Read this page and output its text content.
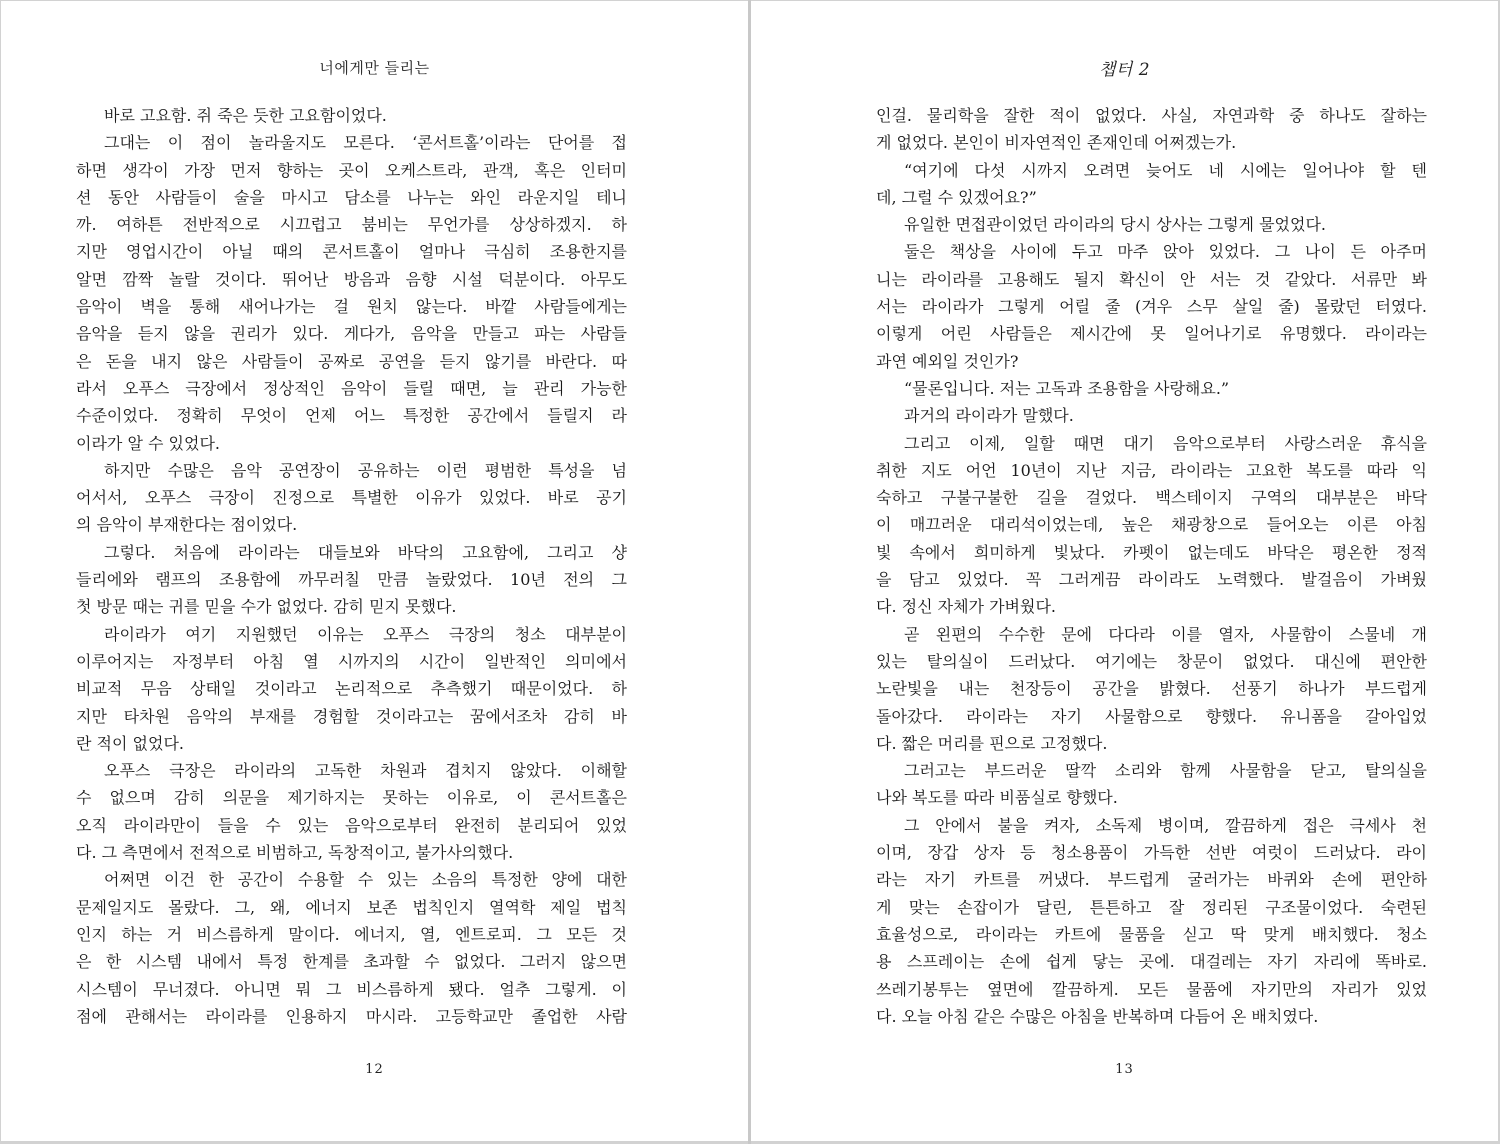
너에게만 들리는
바로 고요함. 쥐 죽은 듯한 고요함이었다.
그대는 이 점이 놀라울지도 모른다. ‘콘서트홀’이라는 단어를 접
하면 생각이 가장 먼저 향하는 곳이 오케스트라, 관객, 혹은 인터미
션 동안 사람들이 술을 마시고 담소를 나누는 와인 라운지일 테니
까. 여하튼 전반적으로 시끄럽고 붐비는 무언가를 상상하겠지. 하
지만 영업시간이 아닐 때의 콘서트홀이 얼마나 극심히 조용한지를
알면 깜짝 놀랄 것이다. 뛰어난 방음과 음향 시설 덕분이다. 아무도
음악이 벽을 통해 새어나가는 걸 원치 않는다. 바깥 사람들에게는
음악을 듣지 않을 권리가 있다. 게다가, 음악을 만들고 파는 사람들
은 돈을 내지 않은 사람들이 공짜로 공연을 듣지 않기를 바란다. 따
라서 오푸스 극장에서 정상적인 음악이 들릴 때면, 늘 관리 가능한
수준이었다. 정확히 무엇이 언제 어느 특정한 공간에서 들릴지 라
이라가 알 수 있었다.
하지만 수많은 음악 공연장이 공유하는 이런 평범한 특성을 넘
어서서, 오푸스 극장이 진정으로 특별한 이유가 있었다. 바로 공기
의 음악이 부재한다는 점이었다.
그렇다. 처음에 라이라는 대들보와 바닥의 고요함에, 그리고 샹
들리에와 램프의 조용함에 까무러칠 만큼 놀랐었다. 10년 전의 그
첫 방문 때는 귀를 믿을 수가 없었다. 감히 믿지 못했다.
라이라가 여기 지원했던 이유는 오푸스 극장의 청소 대부분이
이루어지는 자정부터 아침 열 시까지의 시간이 일반적인 의미에서
비교적 무음 상태일 것이라고 논리적으로 추측했기 때문이었다. 하
지만 타차원 음악의 부재를 경험할 것이라고는 꿈에서조차 감히 바
란 적이 없었다.
오푸스 극장은 라이라의 고독한 차원과 겹치지 않았다. 이해할
수 없으며 감히 의문을 제기하지는 못하는 이유로, 이 콘서트홀은
오직 라이라만이 들을 수 있는 음악으로부터 완전히 분리되어 있었
다. 그 측면에서 전적으로 비범하고, 독창적이고, 불가사의했다.
어쩌면 이건 한 공간이 수용할 수 있는 소음의 특정한 양에 대한
문제일지도 몰랐다. 그, 왜, 에너지 보존 법칙인지 열역학 제일 법칙
인지 하는 거 비스름하게 말이다. 에너지, 열, 엔트로피. 그 모든 것
은 한 시스템 내에서 특정 한계를 초과할 수 없었다. 그러지 않으면
시스템이 무너졌다. 아니면 뭐 그 비스름하게 됐다. 얼추 그렇게. 이
점에 관해서는 라이라를 인용하지 마시라. 고등학교만 졸업한 사람
12
챕터 2
인걸. 물리학을 잘한 적이 없었다. 사실, 자연과학 중 하나도 잘하는
게 없었다. 본인이 비자연적인 존재인데 어쩌겠는가.
“여기에 다섯 시까지 오려면 늦어도 네 시에는 일어나야 할 텐
데, 그럴 수 있겠어요?”
유일한 면접관이었던 라이라의 당시 상사는 그렇게 물었었다.
둘은 책상을 사이에 두고 마주 앉아 있었다. 그 나이 든 아주머
니는 라이라를 고용해도 될지 확신이 안 서는 것 같았다. 서류만 봐
서는 라이라가 그렇게 어릴 줄 (겨우 스무 살일 줄) 몰랐던 터였다.
이렇게 어린 사람들은 제시간에 못 일어나기로 유명했다. 라이라는
과연 예외일 것인가?
“물론입니다. 저는 고독과 조용함을 사랑해요.”
과거의 라이라가 말했다.
그리고 이제, 일할 때면 대기 음악으로부터 사랑스러운 휴식을
취한 지도 어언 10년이 지난 지금, 라이라는 고요한 복도를 따라 익
숙하고 구불구불한 길을 걸었다. 백스테이지 구역의 대부분은 바닥
이 매끄러운 대리석이었는데, 높은 채광창으로 들어오는 이른 아침
빛 속에서 희미하게 빛났다. 카펫이 없는데도 바닥은 평온한 정적
을 담고 있었다. 꼭 그러게끔 라이라도 노력했다. 발걸음이 가벼웠
다. 정신 자체가 가벼웠다.
곧 왼편의 수수한 문에 다다라 이를 열자, 사물함이 스물네 개
있는 탈의실이 드러났다. 여기에는 창문이 없었다. 대신에 편안한
노란빛을 내는 천장등이 공간을 밝혔다. 선풍기 하나가 부드럽게
돌아갔다. 라이라는 자기 사물함으로 향했다. 유니폼을 갈아입었
다. 짧은 머리를 핀으로 고정했다.
그러고는 부드러운 딸깍 소리와 함께 사물함을 닫고, 탈의실을
나와 복도를 따라 비품실로 향했다.
그 안에서 불을 켜자, 소독제 병이며, 깔끔하게 접은 극세사 천
이며, 장갑 상자 등 청소용품이 가득한 선반 여럿이 드러났다. 라이
라는 자기 카트를 꺼냈다. 부드럽게 굴러가는 바퀴와 손에 편안하
게 맞는 손잡이가 달린, 튼튼하고 잘 정리된 구조물이었다. 숙련된
효율성으로, 라이라는 카트에 물품을 싣고 딱 맞게 배치했다. 청소
용 스프레이는 손에 쉽게 닿는 곳에. 대걸레는 자기 자리에 똑바로.
쓰레기봉투는 옆면에 깔끔하게. 모든 물품에 자기만의 자리가 있었
다. 오늘 아침 같은 수많은 아침을 반복하며 다듬어 온 배치였다.
13
